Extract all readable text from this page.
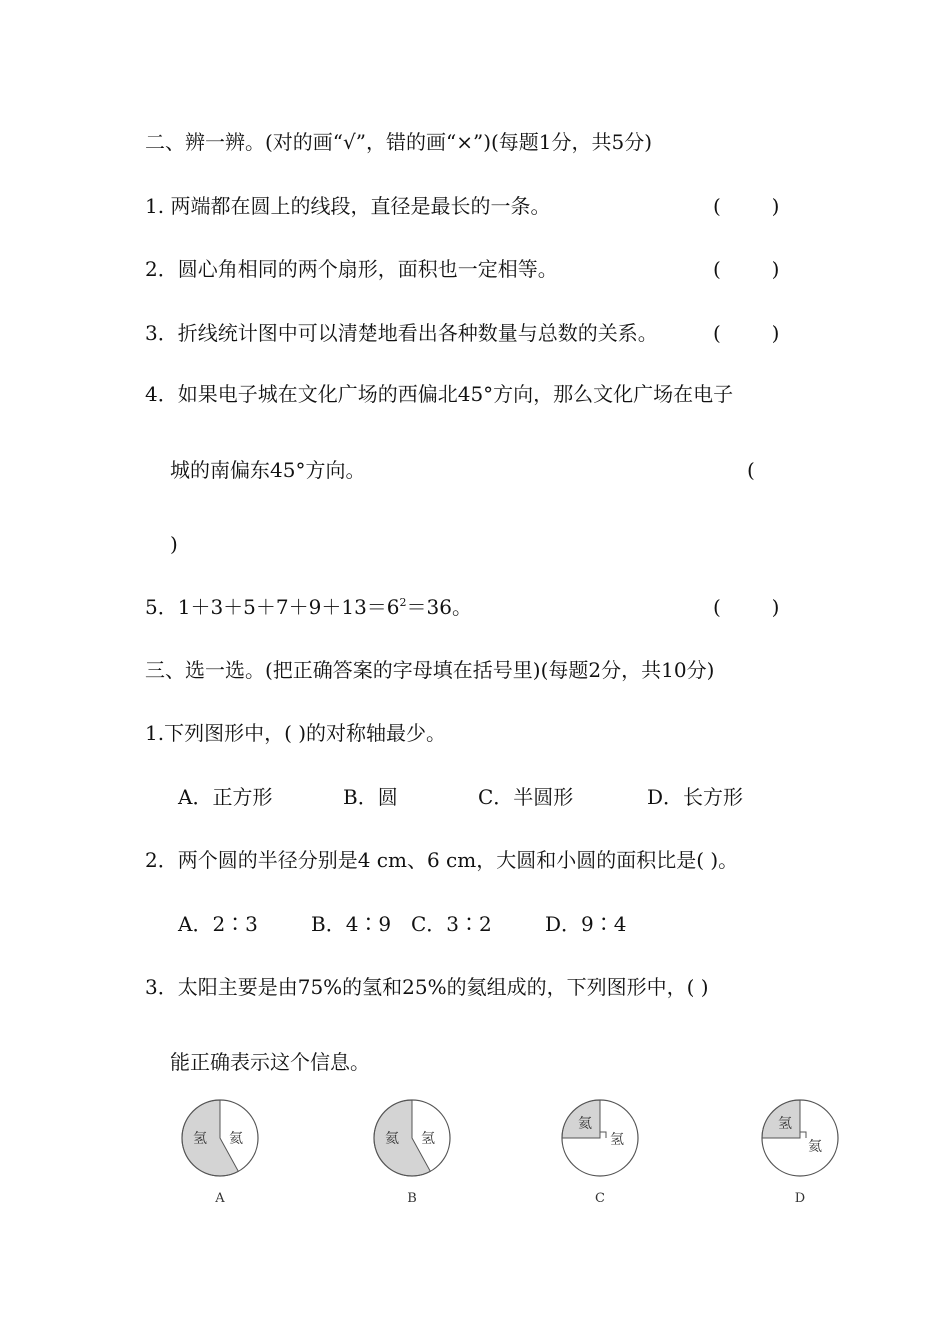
二、辨一辨。(对的画“√”，错的画“×”)(每题1分，共5分)
1. 两端都在圆上的线段，直径是最长的一条。	(        )
2．圆心角相同的两个扇形，面积也一定相等。	(        )
3．折线统计图中可以清楚地看出各种数量与总数的关系。	(        )
4．如果电子城在文化广场的西偏北45°方向，那么文化广场在电子
城的南偏东45°方向。	(
)
5．$1+3+5+7+9+13=6^2=36$。	(        )
三、选一选。(把正确答案的字母填在括号里)(每题2分，共10分)
1.下列图形中，( )的对称轴最少。
A．正方形	B．圆	C．半圆形	D．长方形
2．两个圆的半径分别是4 cm、6 cm，大圆和小圆的面积比是( )。
A．2∶3	B．4∶9 C．3∶2	D．9∶4
3．太阳主要是由75%的氢和25%的氦组成的，下列图形中，( )
能正确表示这个信息。
氢 氦
A
氦 氢
B
氦
氢
C
氢
氦
D
